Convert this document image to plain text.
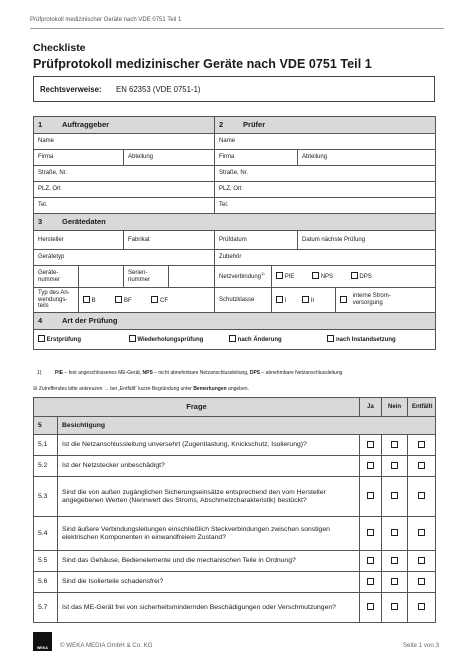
Prüfprotokoll medizinischer Geräte nach VDE 0751 Teil 1
Checkliste
Prüfprotokoll medizinischer Geräte nach VDE 0751 Teil 1
Rechtsverweise: EN 62353 (VDE 0751-1)
1 Auftraggeber				2 Prüfer			
Name				Name			
Firma		Abteilung		Firma		Abteilung	
Straße, Nr.				Straße, Nr.			
PLZ, Ort				PLZ, Ort			
Tel.				Tel.			
3 Gerätedaten							
Hersteller		Fabrikat		Prüfdatum		Datum nächste Prüfung	
Gerätetyp				Zubehör			
Geräte-nummer		Serien-nummer		Netzverbindung$^{1)}$	PIE NPS DPS		
Typ des An-wendungs-teils	B BF CF			Schutzklasse	I II		interne Strom-versorgung
4 Art der Prüfung							
Erstprüfung Wiederholungsprüfung nach Änderung nach Instandsetzung							
1)	PIE – fest angeschlossenes ME-Gerät, NPS – nicht abnehmbare Netzanschlussleitung, DPS – abnehmbare Netzanschlussleitung
☒ Zutreffendes bitte ankreuzen → bei „Entfällt“ kurze Begründung unter Bemerkungen angeben.
Frage		Ja	Nein	Entfällt
5	Besichtigung			
5.1	Ist die Netzanschlussleitung unversehrt (Zugentlastung, Knickschutz, Isolierung)?			
5.2	Ist der Netzstecker unbeschädigt?			
5.3	Sind die von außen zugänglichen Sicherungseinsätze entsprechend den vom Hersteller angegebenen Werten (Nennwert des Stroms, Abschmelzcharakteristik) bestückt?			
5.4	Sind äußere Verbindungsleitungen einschließlich Steckverbindungen zwischen sonstigen elektrischen Komponenten in einwandfreiem Zustand?			
5.5	Sind das Gehäuse, Bedienelemente und die mechanischen Teile in Ordnung?			
5.6	Sind die Isolierteile schadensfrei?			
5.7	Ist das ME-Gerät frei von sicherheitsmindernden Beschädigungen oder Verschmutzungen?			
WEKA	© WEKA MEDIA GmbH & Co. KG	Seite 1 von 3
